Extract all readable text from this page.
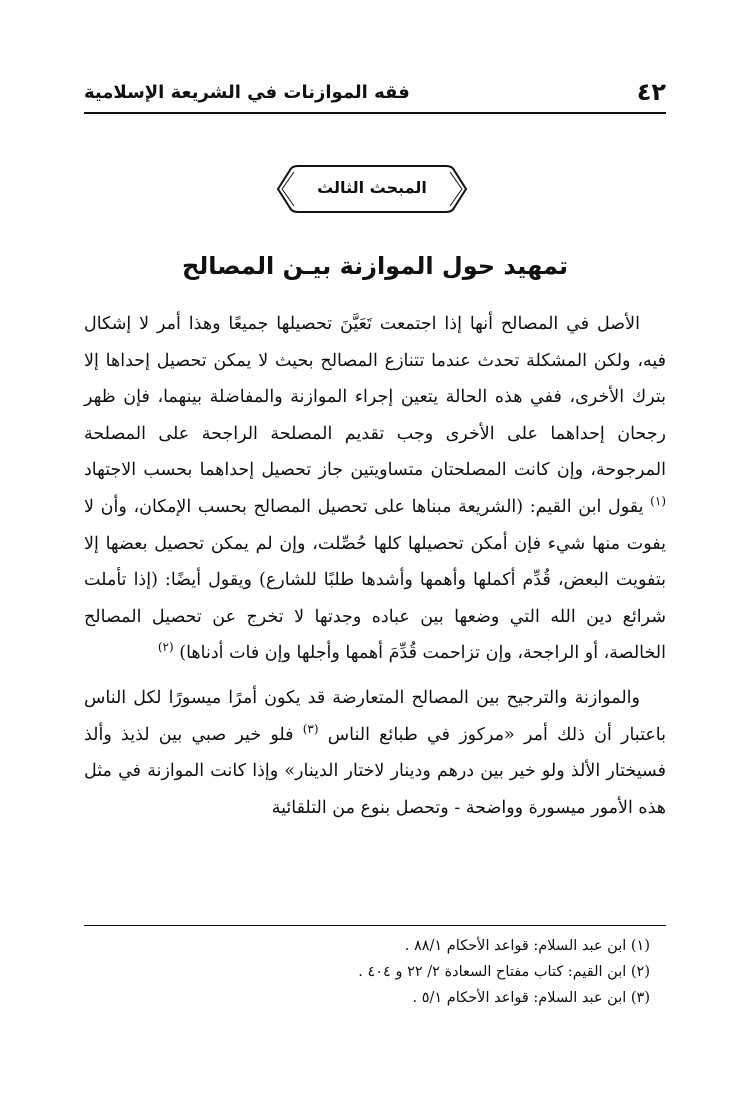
٤٢
فقه الموازنات في الشريعة الإسلامية
المبحث الثالث
تمهيد حول الموازنة بيـن المصالح

الأصل في المصالح أنها إذا اجتمعت تَعَيَّنَ تحصيلها جميعًا وهذا أمر لا إشكال فيه، ولكن المشكلة تحدث عندما تتنازع المصالح بحيث لا يمكن تحصيل إحداها إلا بترك الأخرى، ففي هذه الحالة يتعين إجراء الموازنة والمفاضلة بينهما، فإن ظهر رجحان إحداهما على الأخرى وجب تقديم المصلحة الراجحة على المصلحة المرجوحة، وإن كانت المصلحتان متساويتين جاز تحصيل إحداهما بحسب الاجتهاد $^{(١)}$ يقول ابن القيم: (الشريعة مبناها على تحصيل المصالح بحسب الإمكان، وأن لا يفوت منها شيء فإن أمكن تحصيلها كلها حُصِّلت، وإن لم يمكن تحصيل بعضها إلا بتفويت البعض، قُدِّم أكملها وأهمها وأشدها طلبًا للشارع) ويقول أيضًا: (إذا تأملت شرائع دين الله التي وضعها بين عباده وجدتها لا تخرج عن تحصيل المصالح الخالصة، أو الراجحة، وإن تزاحمت قُدِّمَ أهمها وأجلها وإن فات أدناها) $^{(٢)}$

والموازنة والترجيح بين المصالح المتعارضة قد يكون أمرًا ميسورًا لكل الناس باعتبار أن ذلك أمر «مركوز في طبائع الناس $^{(٣)}$ فلو خير صبي بين لذيذ وألذ فسيختار الألذ ولو خير بين درهم ودينار لاختار الدينار» وإذا كانت الموازنة في مثل هذه الأمور ميسورة وواضحة - وتحصل بنوع من التلقائية

(١) ابن عبد السلام: قواعد الأحكام ٨٨/١ .
(٢) ابن القيم: كتاب مفتاح السعادة ٢/ ٢٢ و ٤٠٤ .
(٣) ابن عبد السلام: قواعد الأحكام ٥/١ .
